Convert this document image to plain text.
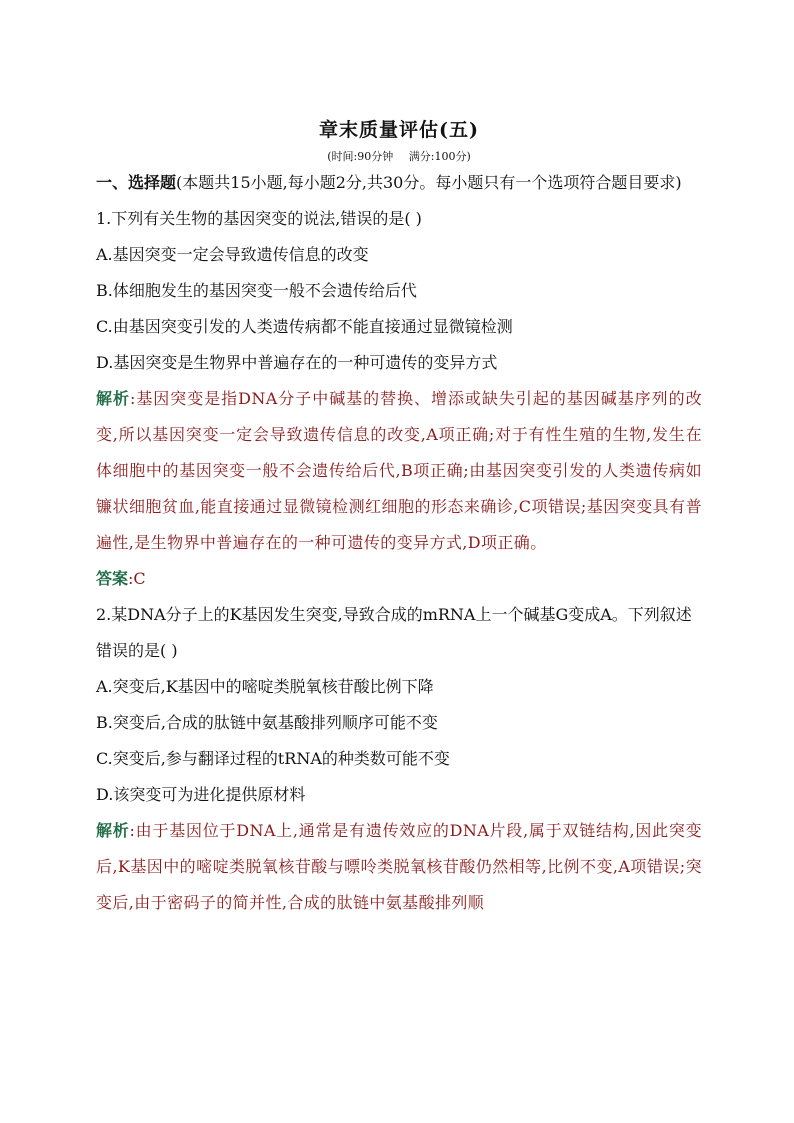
章末质量评估(五)

(时间:90分钟 满分:100分)

一、选择题(本题共15小题,每小题2分,共30分。每小题只有一个选项符合题目要求)

1.下列有关生物的基因突变的说法,错误的是( )

A.基因突变一定会导致遗传信息的改变

B.体细胞发生的基因突变一般不会遗传给后代

C.由基因突变引发的人类遗传病都不能直接通过显微镜检测

D.基因突变是生物界中普遍存在的一种可遗传的变异方式

解析:基因突变是指DNA分子中碱基的替换、增添或缺失引起的基因碱基序列的改变,所以基因突变一定会导致遗传信息的改变,A项正确;对于有性生殖的生物,发生在体细胞中的基因突变一般不会遗传给后代,B项正确;由基因突变引发的人类遗传病如镰状细胞贫血,能直接通过显微镜检测红细胞的形态来确诊,C项错误;基因突变具有普遍性,是生物界中普遍存在的一种可遗传的变异方式,D项正确。

答案:C

2.某DNA分子上的K基因发生突变,导致合成的mRNA上一个碱基G变成A。下列叙述错误的是( )

A.突变后,K基因中的嘧啶类脱氧核苷酸比例下降

B.突变后,合成的肽链中氨基酸排列顺序可能不变

C.突变后,参与翻译过程的tRNA的种类数可能不变

D.该突变可为进化提供原材料

解析:由于基因位于DNA上,通常是有遗传效应的DNA片段,属于双链结构,因此突变后,K基因中的嘧啶类脱氧核苷酸与嘌呤类脱氧核苷酸仍然相等,比例不变,A项错误;突变后,由于密码子的简并性,合成的肽链中氨基酸排列顺
